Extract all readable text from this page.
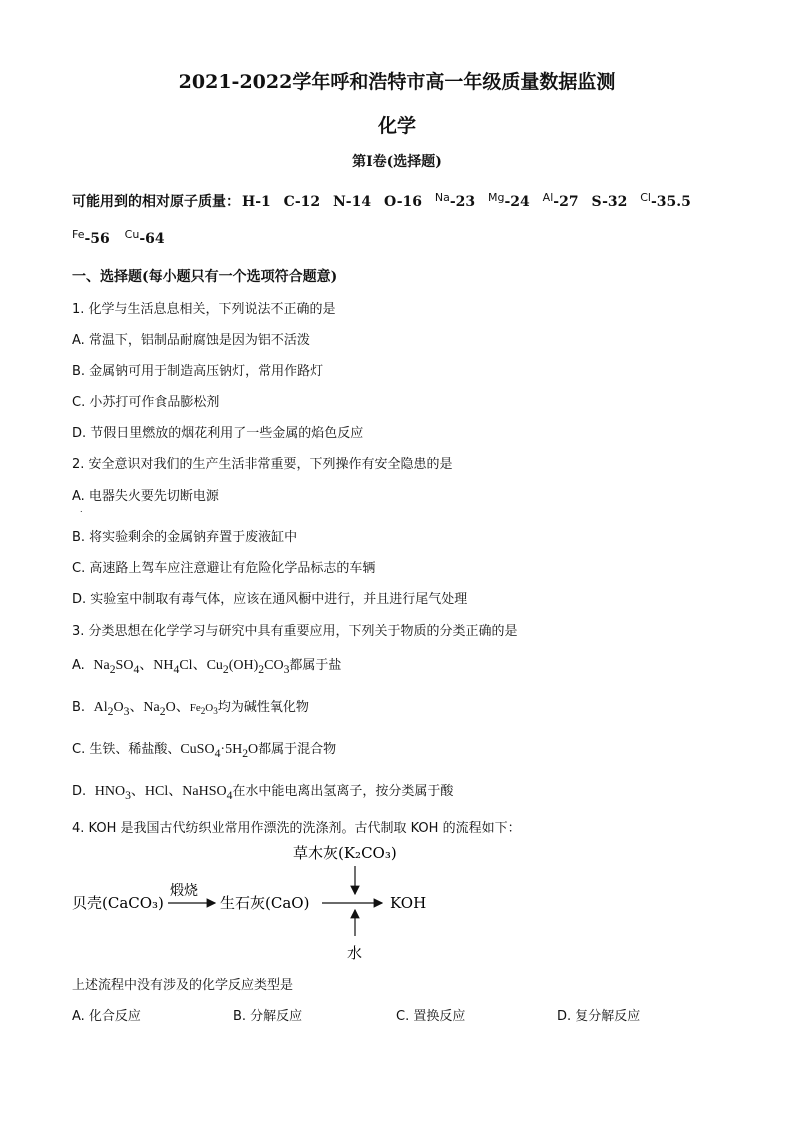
2021-2022学年呼和浩特市高一年级质量数据监测
化学
第Ⅰ卷(选择题)
可能用到的相对原子质量： H-1 C-12 N-14 O-16 $^{Na}$-23 $^{Mg}$-24 $^{Al}$-27 S-32 $^{Cl}$-35.5
$^{Fe}$-56 $^{Cu}$-64
一、选择题(每小题只有一个选项符合题意)
1. 化学与生活息息相关，下列说法不正确的是
A. 常温下，铝制品耐腐蚀是因为铝不活泼
B. 金属钠可用于制造高压钠灯，常用作路灯
C. 小苏打可作食品膨松剂
D. 节假日里燃放的烟花利用了一些金属的焰色反应
2. 安全意识对我们的生产生活非常重要，下列操作有安全隐患的是
A. 电器失火要先切断电源
.
B. 将实验剩余的金属钠弃置于废液缸中
C. 高速路上驾车应注意避让有危险化学品标志的车辆
D. 实验室中制取有毒气体，应该在通风橱中进行，并且进行尾气处理
3. 分类思想在化学学习与研究中具有重要应用，下列关于物质的分类正确的是
A.  $Na_2SO_4$、$NH_4Cl$、$Cu_2(OH)_2CO_3$都属于盐
B.  $Al_2O_3$、$Na_2O$、$Fe_2O_3$均为碱性氧化物
C. 生铁、稀盐酸、$CuSO_4\cdot 5H_2O$都属于混合物
D.  $HNO_3$、HCl、NaHSO$_4$在水中能电离出氢离子，按分类属于酸
4. KOH 是我国古代纺织业常用作漂洗的洗涤剂。古代制取 KOH 的流程如下：
草木灰(K₂CO₃)
贝壳(CaCO₃)
煅烧
生石灰(CaO)	KOH
水
上述流程中没有涉及的化学反应类型是
A. 化合反应	B. 分解反应	C. 置换反应	D. 复分解反应
